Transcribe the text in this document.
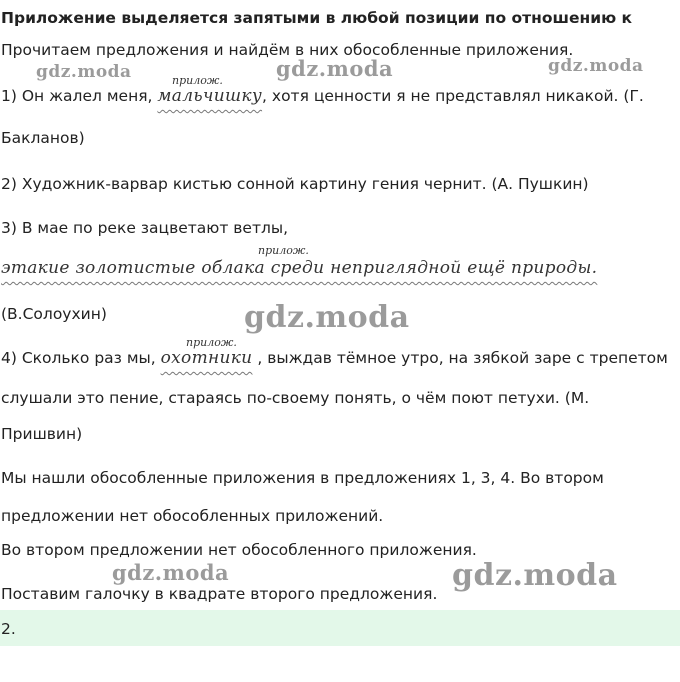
Приложение выделяется запятыми в любой позиции по отношению к
Прочитаем предложения и найдём в них обособленные приложения.
прилож.
1) Он жалел меня, мальчишку, хотя ценности я не представлял никакой. (Г.
Бакланов)
2) Художник-варвар кистью сонной картину гения чернит. (А. Пушкин)
3) В мае по реке зацветают ветлы,
прилож.
этакие золотистые облака среди неприглядной ещё природы.
(В.Солоухин)
прилож.
4) Сколько раз мы, охотники , выждав тёмное утро, на зябкой заре с трепетом
слушали это пение, стараясь по-своему понять, о чём поют петухи. (М.
Пришвин)
Мы нашли обособленные приложения в предложениях 1, 3, 4. Во втором
предложении нет обособленных приложений.
Во втором предложении нет обособленного приложения.
Поставим галочку в квадрате второго предложения.
2.
gdz.moda	gdz.moda	gdz.moda
gdz.moda
gdz.moda	gdz.moda
